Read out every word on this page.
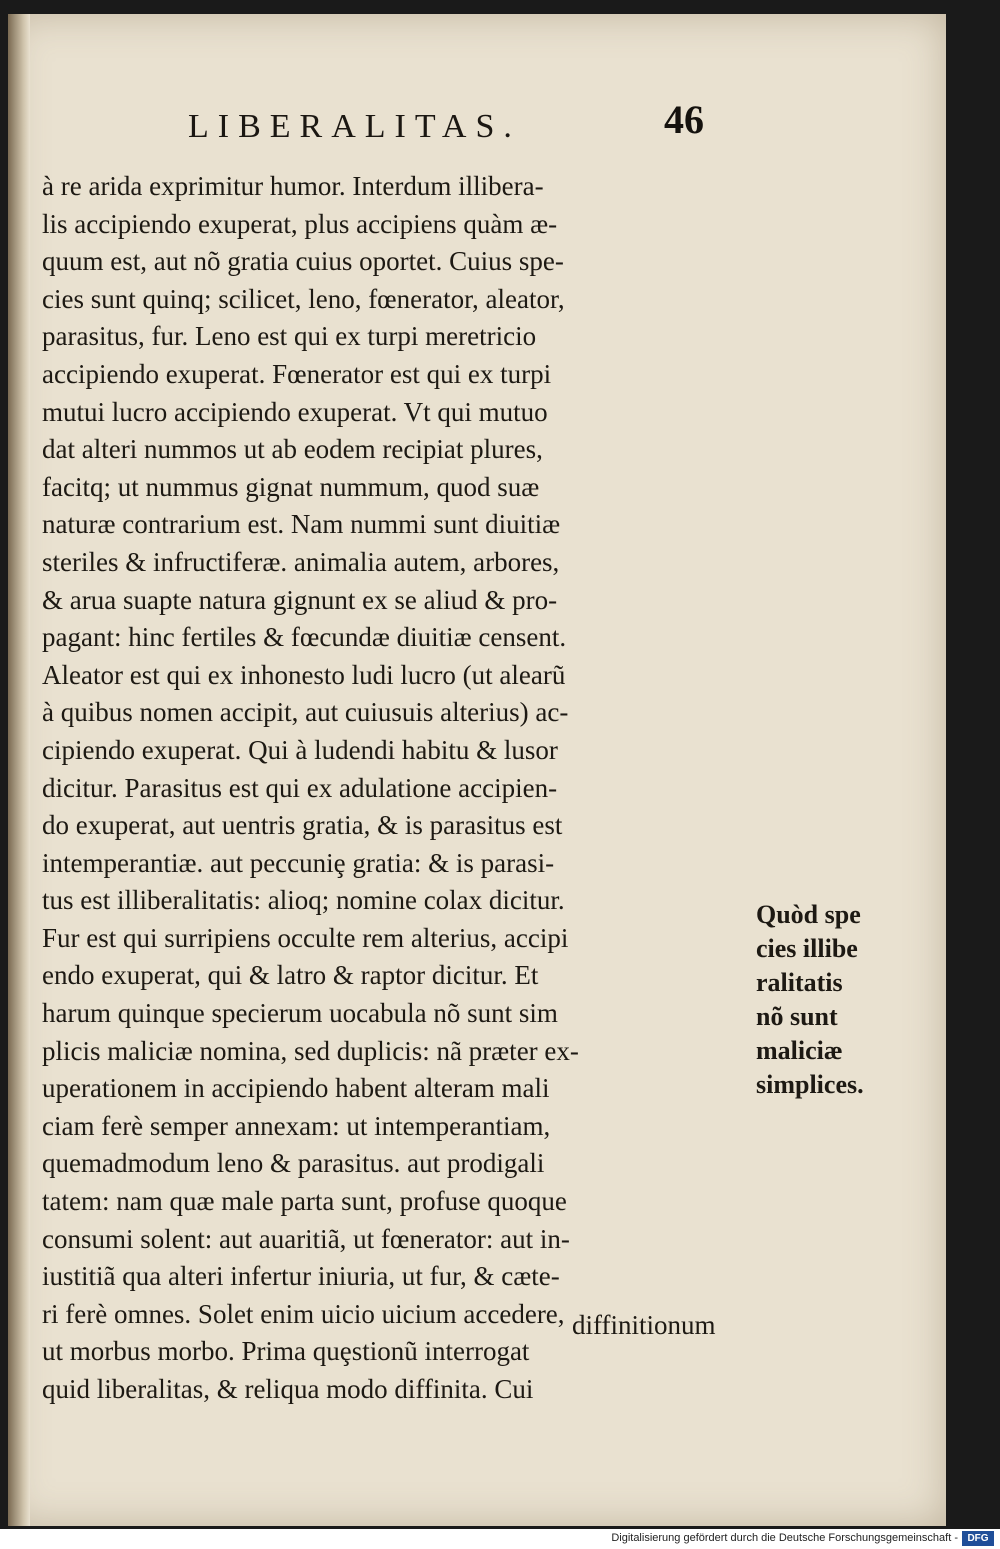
LIBERALITAS.	46
à re arida exprimitur humor. Interdum illibera-
lis accipiendo exuperat, plus accipiens quàm æ-
quum est, aut nõ gratia cuius oportet. Cuius spe-
cies sunt quinq; scilicet, leno, fœnerator, aleator,
parasitus, fur. Leno est qui ex turpi meretricio
accipiendo exuperat. Fœnerator est qui ex turpi
mutui lucro accipiendo exuperat. Vt qui mutuo
dat alteri nummos ut ab eodem recipiat plures,
facitq; ut nummus gignat nummum, quod suæ
naturæ contrarium est. Nam nummi sunt diuitiæ
steriles & infructiferæ. animalia autem, arbores,
& arua suapte natura gignunt ex se aliud & pro-
pagant: hinc fertiles & fœcundæ diuitiæ censent.
Aleator est qui ex inhonesto ludi lucro (ut alearũ
à quibus nomen accipit, aut cuiusuis alterius) ac-
cipiendo exuperat. Qui à ludendi habitu & lusor
dicitur. Parasitus est qui ex adulatione accipien-
do exuperat, aut uentris gratia, & is parasitus est
intemperantiæ. aut peccuniȩ gratia: & is parasi-
tus est illiberalitatis: alioq; nomine colax dicitur.
Fur est qui surripiens occulte rem alterius, accipi
endo exuperat, qui & latro & raptor dicitur. Et
harum quinque specierum uocabula nõ sunt sim
plicis maliciæ nomina, sed duplicis: nã præter ex-
uperationem in accipiendo habent alteram mali
ciam ferè semper annexam: ut intemperantiam,
quemadmodum leno & parasitus. aut prodigali
tatem: nam quæ male parta sunt, profuse quoque
consumi solent: aut auaritiã, ut fœnerator: aut in-
iustitiã qua alteri infertur iniuria, ut fur, & cæte-
ri ferè omnes. Solet enim uicio uicium accedere,
ut morbus morbo. Prima quȩstionũ interrogat
quid liberalitas, & reliqua modo diffinita. Cui
diffinitionum
Quòd spe
cies illibe
ralitatis
nõ sunt
maliciæ
simplices.
Digitalisierung gefördert durch die Deutsche Forschungsgemeinschaft - DFG
